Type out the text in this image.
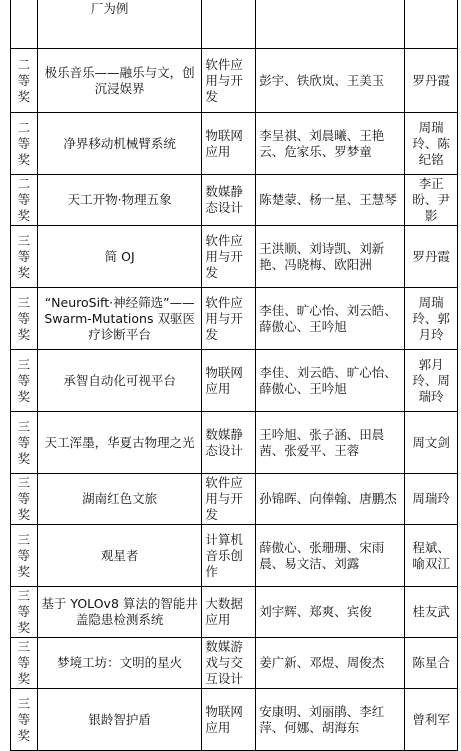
	厂为例			

二等奖	极乐音乐——融乐与文，创沉浸娱界	软件应用与开发	彭宇、铁欣岚、王美玉	罗丹霞

二等奖	净界移动机械臂系统	物联网应用	李呈祺、刘晨曦、王艳云、危家乐、罗梦童	周瑞玲、陈纪铭

二等奖	天工开物·物理五象	数媒静态设计	陈楚蒙、杨一星、王慧琴	李正盼、尹影

三等奖	简 OJ	软件应用与开发	王洪顺、刘诗凯、刘新艳、冯晓梅、欧阳洲	罗丹霞

三等奖	“NeuroSift·神经筛选”——Swarm-Mutations 双驱医疗诊断平台	软件应用与开发	李佳、旷心怡、刘云皓、薛傲心、王吟旭	周瑞玲、郭月玲

三等奖	承智自动化可视平台	物联网应用	李佳、刘云皓、旷心怡、薛傲心、王吟旭	郭月玲、周瑞玲

三等奖	天工浑墨，华夏古物理之光	数媒静态设计	王吟旭、张子涵、田晨茜、张爱平、王蓉	周文剑

三等奖	湖南红色文旅	软件应用与开发	孙锦晖、向俸翰、唐鹏杰	周瑞玲

三等奖	观星者	计算机音乐创作	薛傲心、张珊珊、宋雨晨、易文洁、刘露	程斌、喻双江

三等奖	基于 YOLOv8 算法的智能井盖隐患检测系统	大数据应用	刘宇辉、郑爽、宾俊	桂友武

三等奖	梦境工坊：文明的星火	数媒游戏与交互设计	姜广新、邓煜、周俊杰	陈星合

三等奖	银龄智护盾	物联网应用	安康明、刘丽鹃、李红萍、何娜、胡海东	曾利军
